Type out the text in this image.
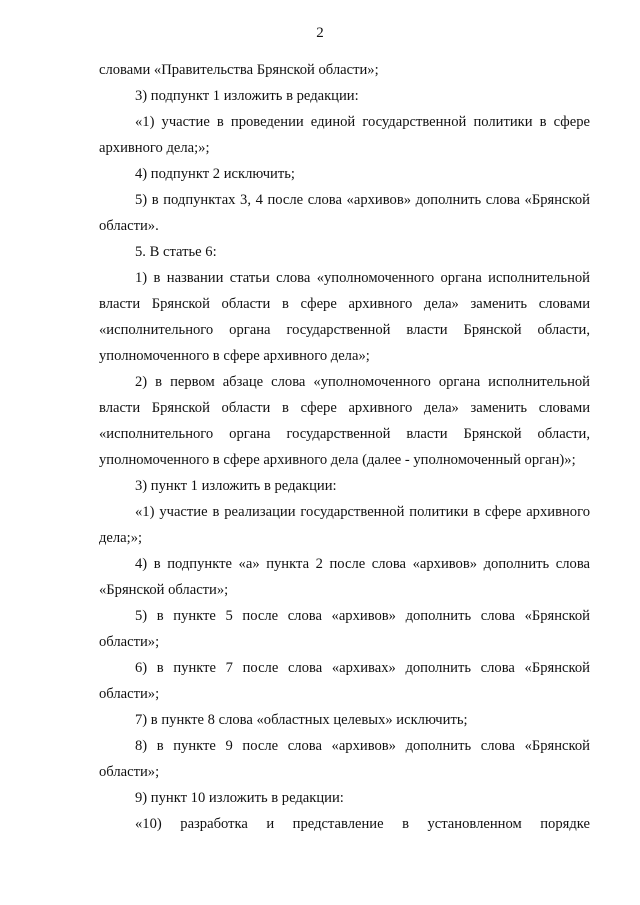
2

словами «Правительства Брянской области»;

3) подпункт 1 изложить в редакции:

«1) участие в проведении единой государственной политики в сфере архивного дела;»;

4) подпункт 2 исключить;

5) в подпунктах 3, 4 после слова «архивов» дополнить слова «Брянской области».

5. В статье 6:

1) в названии статьи слова «уполномоченного органа исполнительной власти Брянской области в сфере архивного дела» заменить словами «исполнительного органа государственной власти Брянской области, уполномоченного в сфере архивного дела»;

2) в первом абзаце слова «уполномоченного органа исполнительной власти Брянской области в сфере архивного дела» заменить словами «исполнительного органа государственной власти Брянской области, уполномоченного в сфере архивного дела (далее - уполномоченный орган)»;

3) пункт 1 изложить в редакции:

«1) участие в реализации государственной политики в сфере архивного дела;»;

4) в подпункте «а» пункта 2 после слова «архивов» дополнить слова «Брянской области»;

5) в пункте 5 после слова «архивов» дополнить слова «Брянской области»;

6) в пункте 7 после слова «архивах» дополнить слова «Брянской области»;

7) в пункте 8 слова «областных целевых» исключить;

8) в пункте 9 после слова «архивов» дополнить слова «Брянской области»;

9) пункт 10 изложить в редакции:

«10) разработка и представление в установленном порядке
